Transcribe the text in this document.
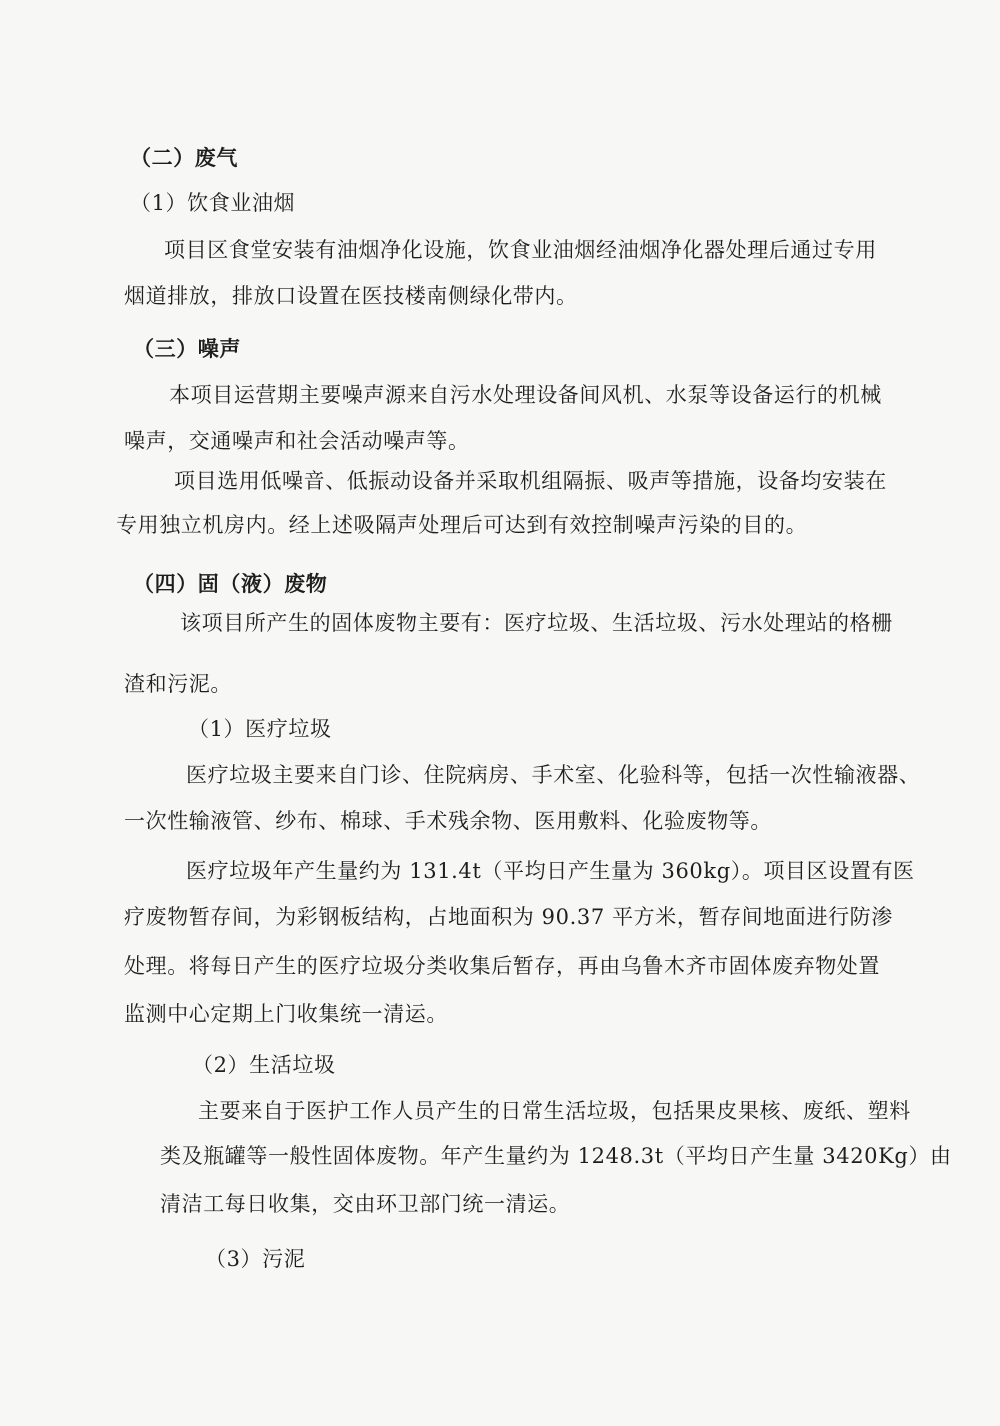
（二）废气
（1）饮食业油烟
项目区食堂安装有油烟净化设施，饮食业油烟经油烟净化器处理后通过专用
烟道排放，排放口设置在医技楼南侧绿化带内。
（三）噪声
本项目运营期主要噪声源来自污水处理设备间风机、水泵等设备运行的机械
噪声，交通噪声和社会活动噪声等。
项目选用低噪音、低振动设备并采取机组隔振、吸声等措施，设备均安装在
专用独立机房内。经上述吸隔声处理后可达到有效控制噪声污染的目的。
（四）固（液）废物
该项目所产生的固体废物主要有：医疗垃圾、生活垃圾、污水处理站的格栅
渣和污泥。
（1）医疗垃圾
医疗垃圾主要来自门诊、住院病房、手术室、化验科等，包括一次性输液器、
一次性输液管、纱布、棉球、手术残余物、医用敷料、化验废物等。
医疗垃圾年产生量约为 131.4t（平均日产生量为 360kg）。项目区设置有医
疗废物暂存间，为彩钢板结构，占地面积为 90.37 平方米，暂存间地面进行防渗
处理。将每日产生的医疗垃圾分类收集后暂存，再由乌鲁木齐市固体废弃物处置
监测中心定期上门收集统一清运。
（2）生活垃圾
主要来自于医护工作人员产生的日常生活垃圾，包括果皮果核、废纸、塑料
类及瓶罐等一般性固体废物。年产生量约为 1248.3t（平均日产生量 3420Kg）由
清洁工每日收集，交由环卫部门统一清运。
（3）污泥
